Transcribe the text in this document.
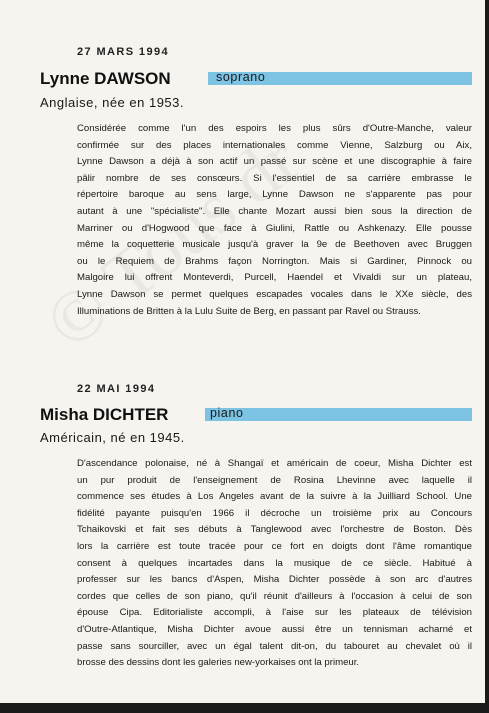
27 MARS 1994
Lynne DAWSON	soprano
Anglaise, née en 1953.
Considérée comme l'un des espoirs les plus sûrs d'Outre-Manche, valeur
confirmée sur des places internationales comme Vienne, Salzburg ou Aix,
Lynne Dawson a déjà à son actif un passé sur scène et une discographie à faire
pâlir nombre de ses consœurs. Si l'essentiel de sa carrière embrasse le
répertoire baroque au sens large, Lynne Dawson ne s'apparente pas pour
autant à une "spécialiste". Elle chante Mozart aussi bien sous la direction de
Marriner ou d'Hogwood que face à Giulini, Rattle ou Ashkenazy. Elle pousse
même la coquetterie musicale jusqu'à graver la 9e de Beethoven avec Bruggen
ou le Requiem de Brahms façon Norrington. Mais si Gardiner, Pinnock ou
Malgoire lui offrent Monteverdi, Purcell, Haendel et Vivaldi sur un plateau,
Lynne Dawson se permet quelques escapades vocales dans le XXe siècle, des
Illuminations de Britten à la Lulu Suite de Berg, en passant par Ravel ou Strauss.
22 MAI 1994
Misha DICHTER	piano
Américain, né en 1945.
D'ascendance polonaise, né à Shangaï et américain de coeur, Misha Dichter est
un pur produit de l'enseignement de Rosina Lhevinne avec laquelle il
commence ses études à Los Angeles avant de la suivre à la Juilliard School. Une
fidélité payante puisqu'en 1966 il décroche un troisième prix au Concours
Tchaikovski et fait ses débuts à Tanglewood avec l'orchestre de Boston. Dès
lors la carrière est toute tracée pour ce fort en doigts dont l'âme romantique
consent à quelques incartades dans la musique de ce siècle. Habitué à
professer sur les bancs d'Aspen, Misha Dichter possède à son arc d'autres
cordes que celles de son piano, qu'il réunit d'ailleurs à l'occasion à celui de son
épouse Cipa. Editorialiste accompli, à l'aise sur les plateaux de télévision
d'Outre-Atlantique, Misha Dichter avoue aussi être un tennisman acharné et
passe sans sourciller, avec un égal talent dit-on, du tabouret au chevalet où il
brosse des dessins dont les galeries new-yorkaises ont la primeur.
